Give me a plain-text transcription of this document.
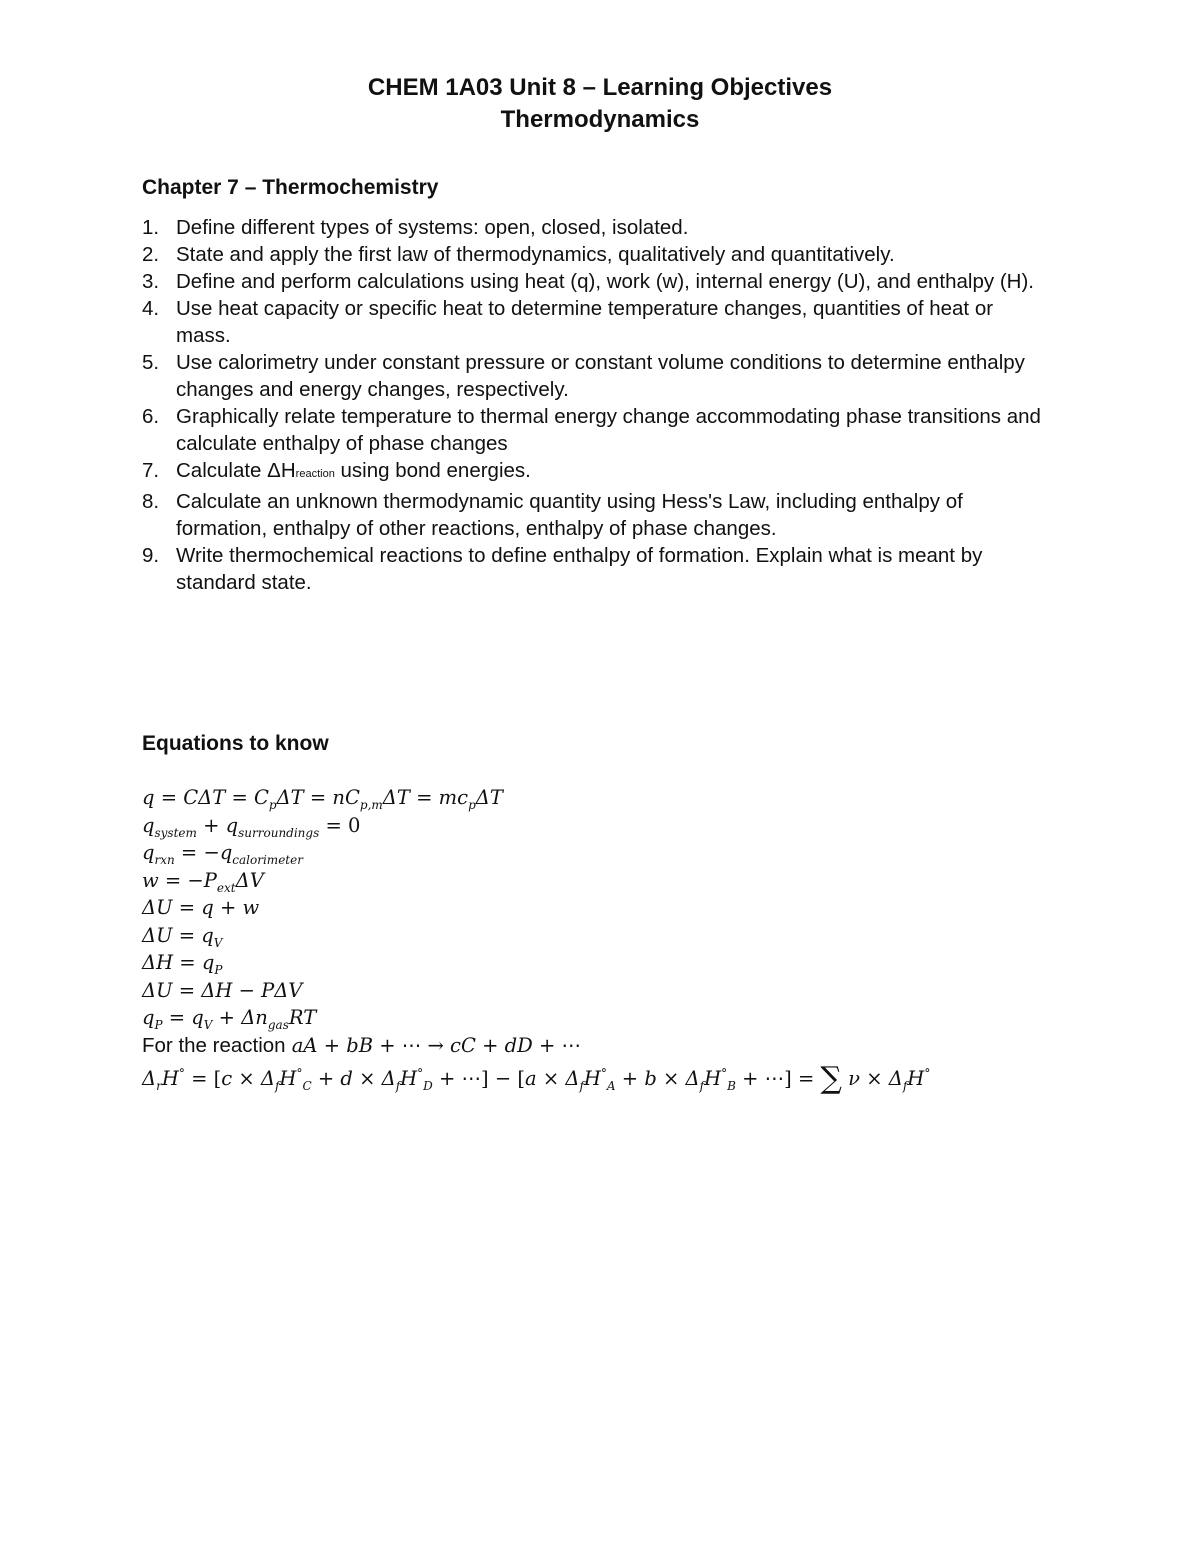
CHEM 1A03 Unit 8 – Learning Objectives
Thermodynamics
Chapter 7 – Thermochemistry
1. Define different types of systems: open, closed, isolated.
2. State and apply the first law of thermodynamics, qualitatively and quantitatively.
3. Define and perform calculations using heat (q), work (w), internal energy (U), and enthalpy (H).
4. Use heat capacity or specific heat to determine temperature changes, quantities of heat or mass.
5. Use calorimetry under constant pressure or constant volume conditions to determine enthalpy changes and energy changes, respectively.
6. Graphically relate temperature to thermal energy change accommodating phase transitions and calculate enthalpy of phase changes
7. Calculate ΔHreaction using bond energies.
8. Calculate an unknown thermodynamic quantity using Hess's Law, including enthalpy of formation, enthalpy of other reactions, enthalpy of phase changes.
9. Write thermochemical reactions to define enthalpy of formation. Explain what is meant by standard state.
Equations to know
$q = C\Delta T = C_p\Delta T = nC_{p,m}\Delta T = mc_p\Delta T$
$q_{system} + q_{surroundings} = 0$
$q_{rxn} = -q_{calorimeter}$
$w = -P_{ext}\Delta V$
ΔU = q + w
$\Delta U = q_V$
$\Delta H = q_P$
ΔU = ΔH − PΔV
$q_P = q_V + \Delta n_{gas}RT$
For the reaction aA + bB + ⋯ → cC + dD + ⋯
$\Delta_rH^\circ = [c \times \Delta_fH^\circ_C + d \times \Delta_fH^\circ_D$ + ⋯] − [$a \times \Delta_fH^\circ_A + b \times \Delta_fH^\circ_B$ + ⋯] = ∑ $\nu \times \Delta_fH^\circ$
